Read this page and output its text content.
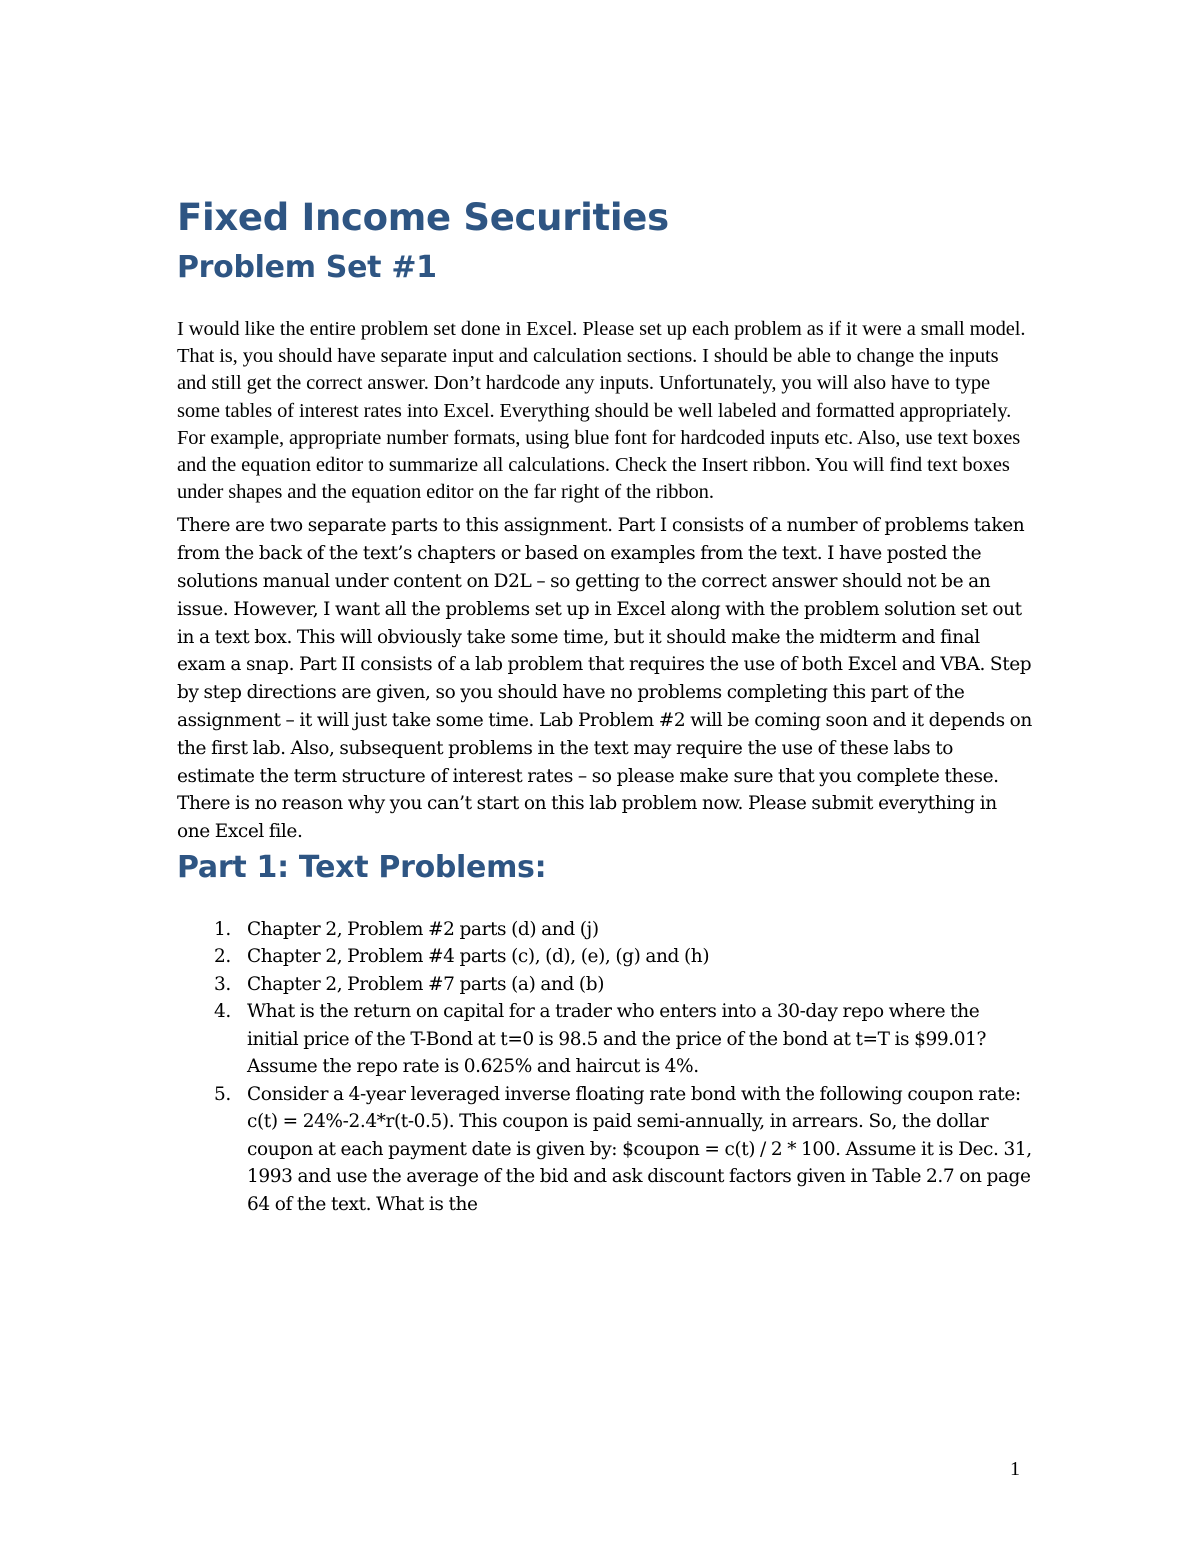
Fixed Income Securities
Problem Set #1

I would like the entire problem set done in Excel. Please set up each problem as if it were a small model. That is, you should have separate input and calculation sections. I should be able to change the inputs and still get the correct answer. Don’t hardcode any inputs. Unfortunately, you will also have to type some tables of interest rates into Excel. Everything should be well labeled and formatted appropriately. For example, appropriate number formats, using blue font for hardcoded inputs etc. Also, use text boxes and the equation editor to summarize all calculations. Check the Insert ribbon. You will find text boxes under shapes and the equation editor on the far right of the ribbon.

There are two separate parts to this assignment. Part I consists of a number of problems taken from the back of the text’s chapters or based on examples from the text. I have posted the solutions manual under content on D2L – so getting to the correct answer should not be an issue. However, I want all the problems set up in Excel along with the problem solution set out in a text box. This will obviously take some time, but it should make the midterm and final exam a snap. Part II consists of a lab problem that requires the use of both Excel and VBA. Step by step directions are given, so you should have no problems completing this part of the assignment – it will just take some time. Lab Problem #2 will be coming soon and it depends on the first lab. Also, subsequent problems in the text may require the use of these labs to estimate the term structure of interest rates – so please make sure that you complete these. There is no reason why you can’t start on this lab problem now. Please submit everything in one Excel file.

Part 1: Text Problems:
1. Chapter 2, Problem #2 parts (d) and (j)
2. Chapter 2, Problem #4 parts (c), (d), (e), (g) and (h)
3. Chapter 2, Problem #7 parts (a) and (b)
4. What is the return on capital for a trader who enters into a 30-day repo where the initial price of the T-Bond at t=0 is 98.5 and the price of the bond at t=T is $99.01? Assume the repo rate is 0.625% and haircut is 4%.
5. Consider a 4-year leveraged inverse floating rate bond with the following coupon rate: c(t) = 24%-2.4*r(t-0.5). This coupon is paid semi-annually, in arrears. So, the dollar coupon at each payment date is given by: $coupon = c(t) / 2 * 100. Assume it is Dec. 31, 1993 and use the average of the bid and ask discount factors given in Table 2.7 on page 64 of the text. What is the
1
